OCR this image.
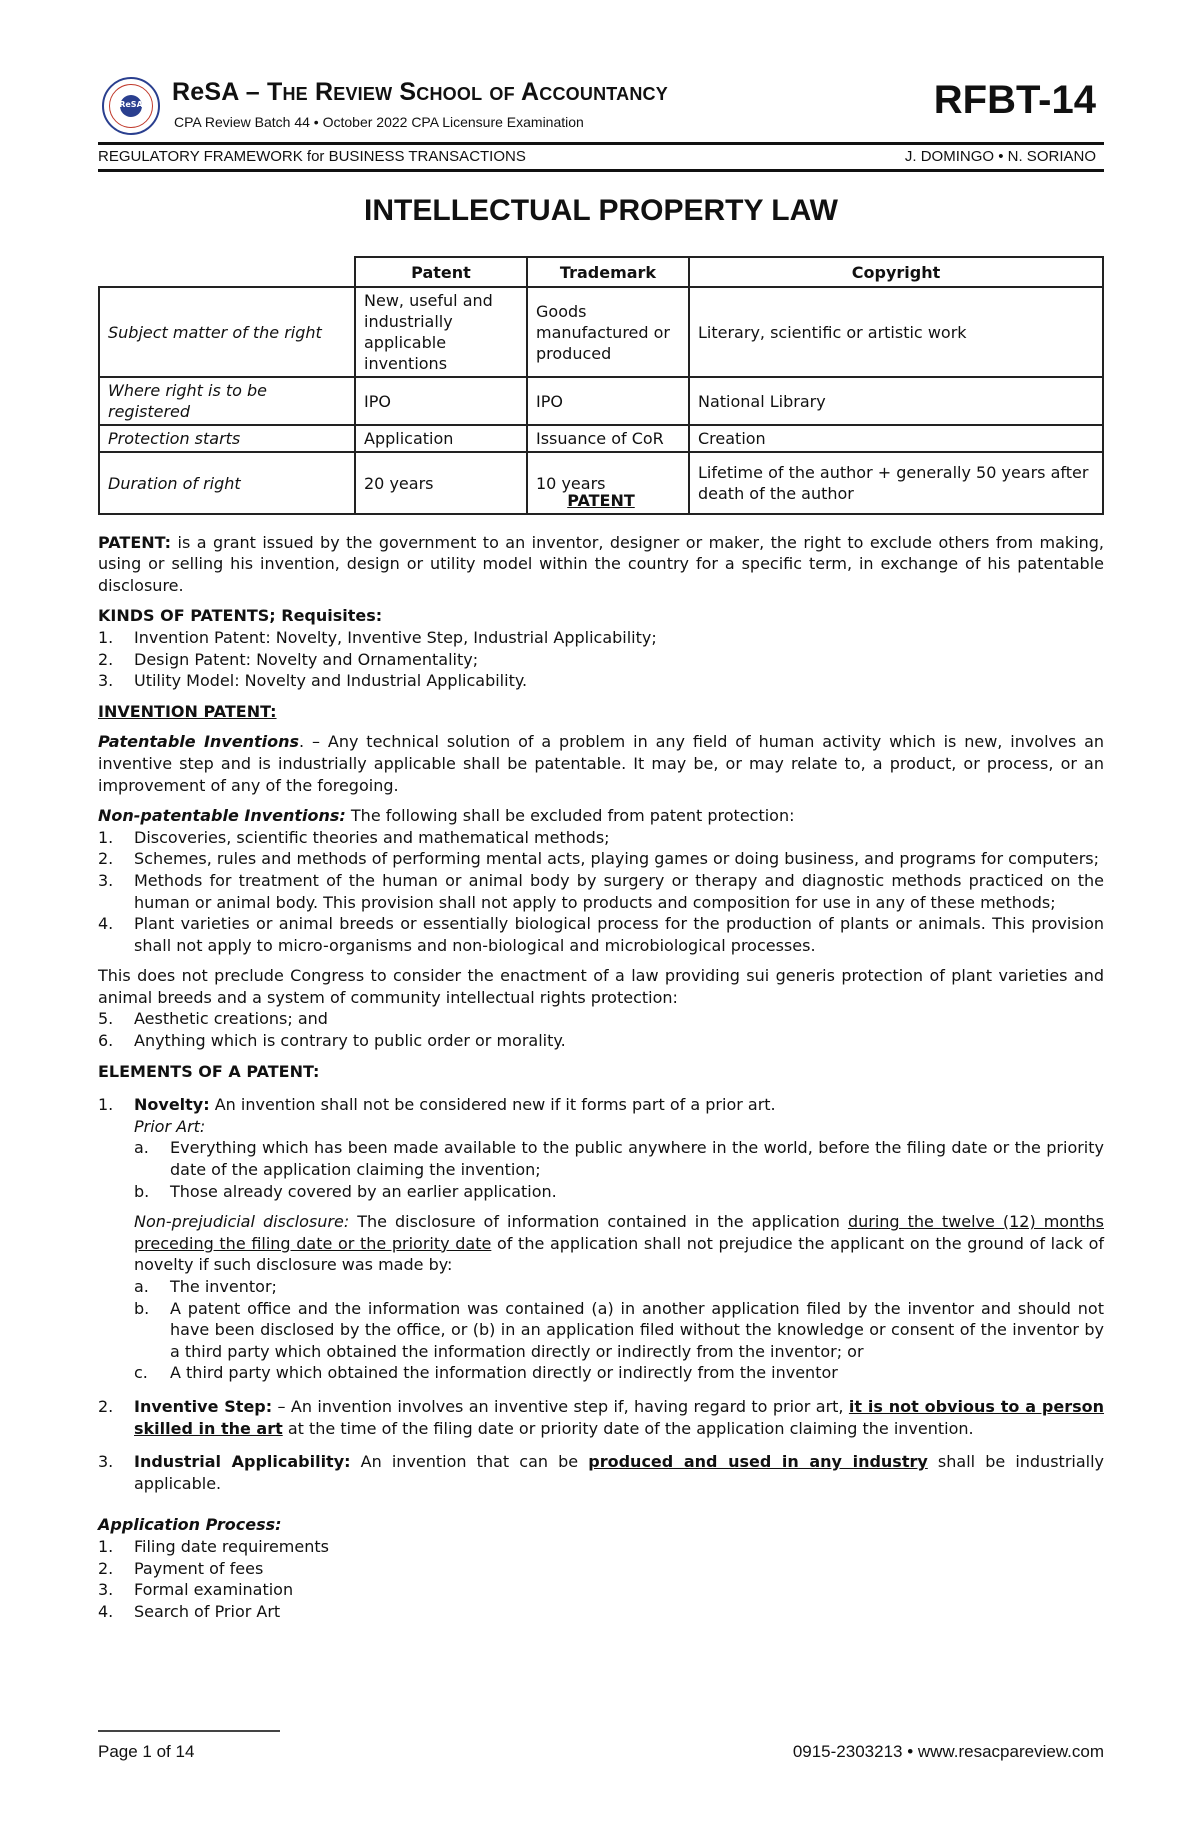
ReSA	ReSA – The Review School of Accountancy
CPA Review Batch 44 • October 2022 CPA Licensure Examination	RFBT-14
REGULATORY FRAMEWORK for BUSINESS TRANSACTIONS	J. DOMINGO • N. SORIANO
INTELLECTUAL PROPERTY LAW
	Patent	Trademark	Copyright
Subject matter of the right	New, useful and industrially applicable inventions	Goods manufactured or produced	Literary, scientific or artistic work
Where right is to be registered	IPO	IPO	National Library
Protection starts	Application	Issuance of CoR	Creation
Duration of right	20 years	10 years	Lifetime of the author + generally 50 years after death of the author

PATENT

PATENT: is a grant issued by the government to an inventor, designer or maker, the right to exclude others from making, using or selling his invention, design or utility model within the country for a specific term, in exchange of his patentable disclosure.

KINDS OF PATENTS; Requisites:
1. Invention Patent: Novelty, Inventive Step, Industrial Applicability;
2. Design Patent: Novelty and Ornamentality;
3. Utility Model: Novelty and Industrial Applicability.

INVENTION PATENT:

Patentable Inventions. – Any technical solution of a problem in any field of human activity which is new, involves an inventive step and is industrially applicable shall be patentable. It may be, or may relate to, a product, or process, or an improvement of any of the foregoing.

Non-patentable Inventions: The following shall be excluded from patent protection:
1. Discoveries, scientific theories and mathematical methods;
2. Schemes, rules and methods of performing mental acts, playing games or doing business, and programs for computers;
3. Methods for treatment of the human or animal body by surgery or therapy and diagnostic methods practiced on the human or animal body. This provision shall not apply to products and composition for use in any of these methods;
4. Plant varieties or animal breeds or essentially biological process for the production of plants or animals. This provision shall not apply to micro-organisms and non-biological and microbiological processes.
This does not preclude Congress to consider the enactment of a law providing sui generis protection of plant varieties and animal breeds and a system of community intellectual rights protection:
5. Aesthetic creations; and
6. Anything which is contrary to public order or morality.

ELEMENTS OF A PATENT:

1. Novelty: An invention shall not be considered new if it forms part of a prior art.
Prior Art:
a. Everything which has been made available to the public anywhere in the world, before the filing date or the priority date of the application claiming the invention;
b. Those already covered by an earlier application.
Non-prejudicial disclosure: The disclosure of information contained in the application during the twelve (12) months preceding the filing date or the priority date of the application shall not prejudice the applicant on the ground of lack of novelty if such disclosure was made by:
a. The inventor;
b. A patent office and the information was contained (a) in another application filed by the inventor and should not have been disclosed by the office, or (b) in an application filed without the knowledge or consent of the inventor by a third party which obtained the information directly or indirectly from the inventor; or
c. A third party which obtained the information directly or indirectly from the inventor
2. Inventive Step: – An invention involves an inventive step if, having regard to prior art, it is not obvious to a person skilled in the art at the time of the filing date or priority date of the application claiming the invention.
3. Industrial Applicability: An invention that can be produced and used in any industry shall be industrially applicable.
Application Process:
1. Filing date requirements
2. Payment of fees
3. Formal examination
4. Search of Prior Art
Page 1 of 14	0915-2303213 • www.resacpareview.com
